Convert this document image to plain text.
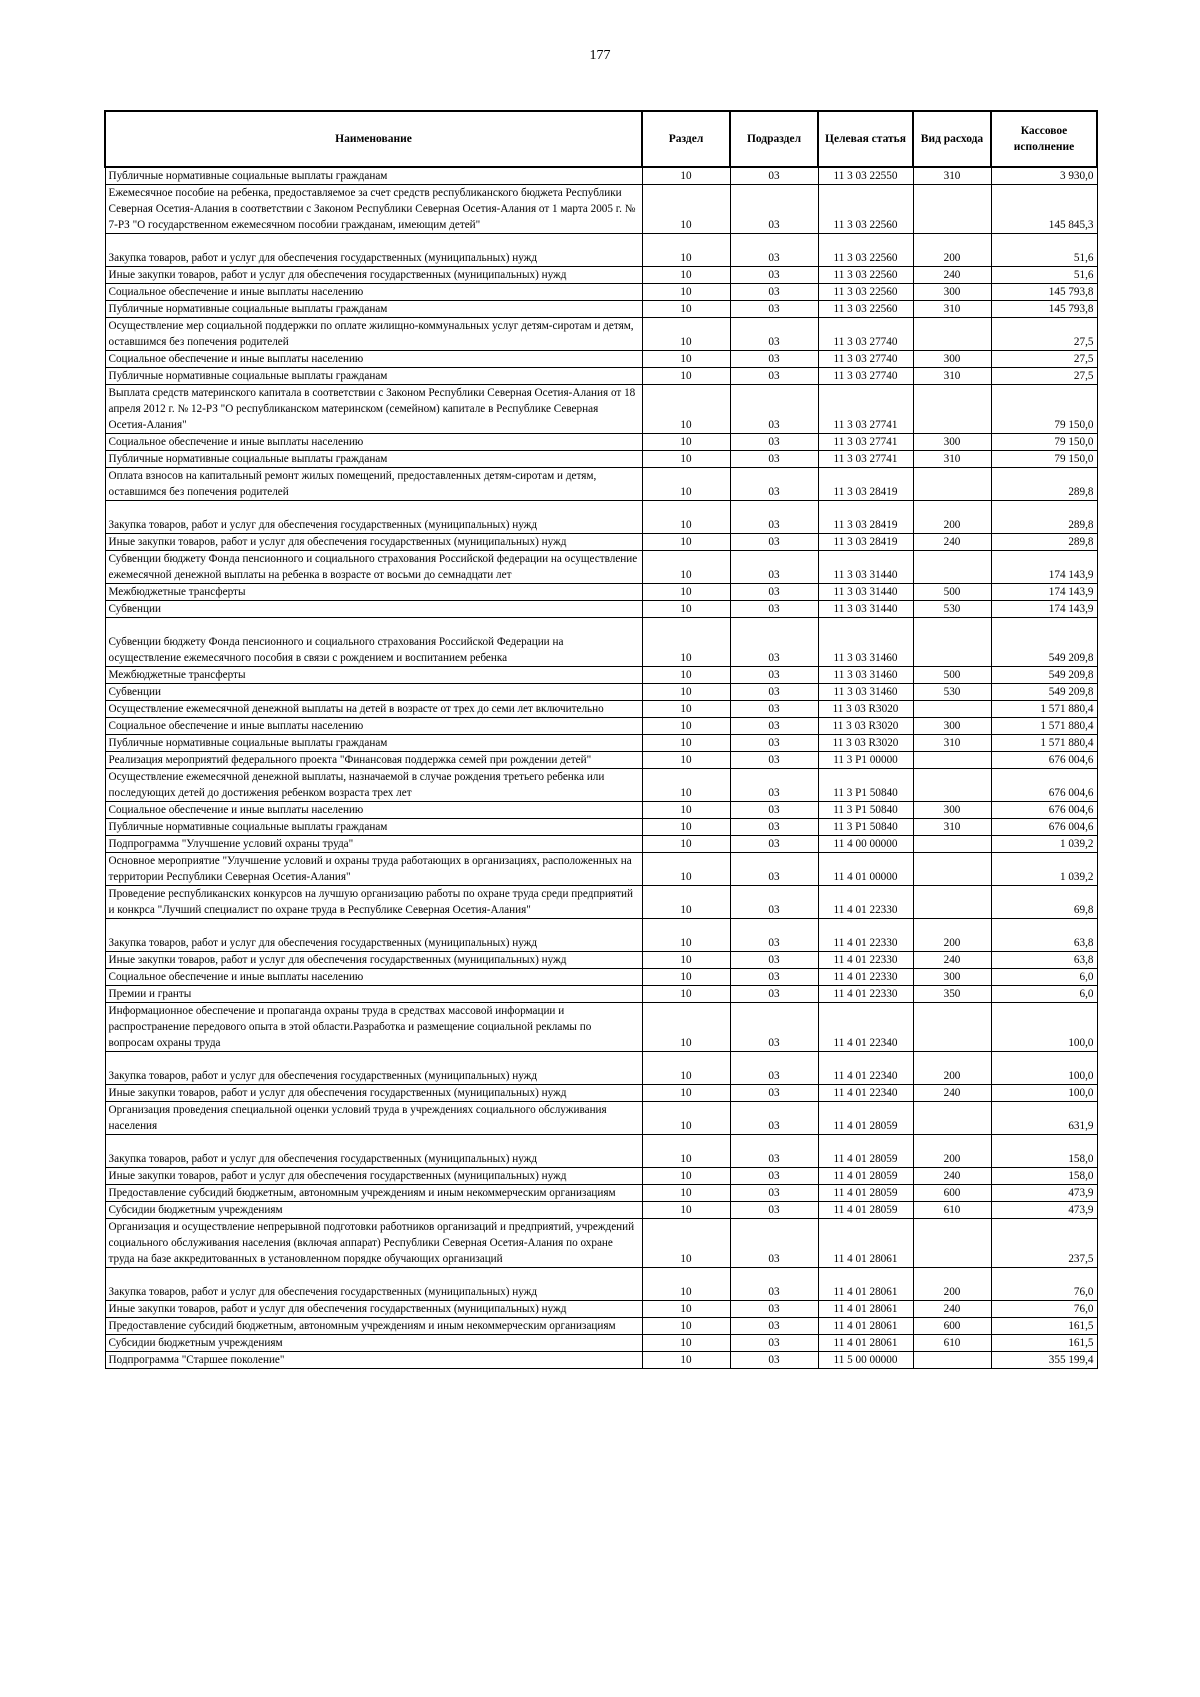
177
Наименование	Раздел	Подраздел	Целевая статья	Вид расхода	Кассовое исполнение
Публичные нормативные социальные выплаты гражданам	10	03	11 3 03 22550	310	3 930,0
Ежемесячное пособие на ребенка, предоставляемое за счет средств республиканского бюджета Республики Северная Осетия-Алания в соответствии с Законом Республики Северная Осетия-Алания от 1 марта 2005 г. № 7-РЗ "О государственном ежемесячном пособии гражданам, имеющим детей"	10	03	11 3 03 22560		145 845,3
Закупка товаров, работ и услуг для обеспечения государственных (муниципальных) нужд	10	03	11 3 03 22560	200	51,6
Иные закупки товаров, работ и услуг для обеспечения государственных (муниципальных) нужд	10	03	11 3 03 22560	240	51,6
Социальное обеспечение и иные выплаты населению	10	03	11 3 03 22560	300	145 793,8
Публичные нормативные социальные выплаты гражданам	10	03	11 3 03 22560	310	145 793,8
Осуществление мер социальной поддержки по оплате жилищно-коммунальных услуг детям-сиротам и детям, оставшимся без попечения родителей	10	03	11 3 03 27740		27,5
Социальное обеспечение и иные выплаты населению	10	03	11 3 03 27740	300	27,5
Публичные нормативные социальные выплаты гражданам	10	03	11 3 03 27740	310	27,5
Выплата средств материнского капитала в соответствии с Законом Республики Северная Осетия-Алания от 18 апреля 2012 г. № 12-РЗ "О республиканском материнском (семейном) капитале в Республике Северная Осетия-Алания"	10	03	11 3 03 27741		79 150,0
Социальное обеспечение и иные выплаты населению	10	03	11 3 03 27741	300	79 150,0
Публичные нормативные социальные выплаты гражданам	10	03	11 3 03 27741	310	79 150,0
Оплата взносов на капитальный ремонт жилых помещений, предоставленных детям-сиротам и детям, оставшимся без попечения родителей	10	03	11 3 03 28419		289,8
Закупка товаров, работ и услуг для обеспечения государственных (муниципальных) нужд	10	03	11 3 03 28419	200	289,8
Иные закупки товаров, работ и услуг для обеспечения государственных (муниципальных) нужд	10	03	11 3 03 28419	240	289,8
Субвенции бюджету Фонда пенсионного и социального страхования Российской федерации на осуществление ежемесячной денежной выплаты на ребенка в возрасте от восьми до семнадцати лет	10	03	11 3 03 31440		174 143,9
Межбюджетные трансферты	10	03	11 3 03 31440	500	174 143,9
Субвенции	10	03	11 3 03 31440	530	174 143,9
Субвенции бюджету Фонда пенсионного и социального страхования Российской Федерации на осуществление ежемесячного пособия в связи с рождением и воспитанием ребенка	10	03	11 3 03 31460		549 209,8
Межбюджетные трансферты	10	03	11 3 03 31460	500	549 209,8
Субвенции	10	03	11 3 03 31460	530	549 209,8
Осуществление ежемесячной денежной выплаты на детей в возрасте от трех до семи лет включительно	10	03	11 3 03 R3020		1 571 880,4
Социальное обеспечение и иные выплаты населению	10	03	11 3 03 R3020	300	1 571 880,4
Публичные нормативные социальные выплаты гражданам	10	03	11 3 03 R3020	310	1 571 880,4
Реализация мероприятий федерального проекта "Финансовая поддержка семей при рождении детей"	10	03	11 3 P1 00000		676 004,6
Осуществление ежемесячной денежной выплаты, назначаемой в случае рождения третьего ребенка или последующих детей до достижения ребенком возраста трех лет	10	03	11 3 P1 50840		676 004,6
Социальное обеспечение и иные выплаты населению	10	03	11 3 P1 50840	300	676 004,6
Публичные нормативные социальные выплаты гражданам	10	03	11 3 P1 50840	310	676 004,6
Подпрограмма "Улучшение условий охраны труда"	10	03	11 4 00 00000		1 039,2
Основное мероприятие "Улучшение условий и охраны труда работающих в организациях, расположенных на территории Республики Северная Осетия-Алания"	10	03	11 4 01 00000		1 039,2
Проведение республиканских конкурсов на лучшую организацию работы по охране труда среди предприятий и конкрса "Лучший специалист по охране труда в Республике Северная Осетия-Алания"	10	03	11 4 01 22330		69,8
Закупка товаров, работ и услуг для обеспечения государственных (муниципальных) нужд	10	03	11 4 01 22330	200	63,8
Иные закупки товаров, работ и услуг для обеспечения государственных (муниципальных) нужд	10	03	11 4 01 22330	240	63,8
Социальное обеспечение и иные выплаты населению	10	03	11 4 01 22330	300	6,0
Премии и гранты	10	03	11 4 01 22330	350	6,0
Информационное обеспечение и пропаганда охраны труда в средствах массовой информации и распространение передового опыта в этой области.Разработка и размещение социальной рекламы по вопросам охраны труда	10	03	11 4 01 22340		100,0
Закупка товаров, работ и услуг для обеспечения государственных (муниципальных) нужд	10	03	11 4 01 22340	200	100,0
Иные закупки товаров, работ и услуг для обеспечения государственных (муниципальных) нужд	10	03	11 4 01 22340	240	100,0
Организация проведения специальной оценки условий труда в учреждениях социального обслуживания населения	10	03	11 4 01 28059		631,9
Закупка товаров, работ и услуг для обеспечения государственных (муниципальных) нужд	10	03	11 4 01 28059	200	158,0
Иные закупки товаров, работ и услуг для обеспечения государственных (муниципальных) нужд	10	03	11 4 01 28059	240	158,0
Предоставление субсидий бюджетным, автономным учреждениям и иным некоммерческим организациям	10	03	11 4 01 28059	600	473,9
Субсидии бюджетным учреждениям	10	03	11 4 01 28059	610	473,9
Организация и осуществление непрерывной подготовки работников организаций и предприятий, учреждений социального обслуживания населения (включая аппарат) Республики Северная Осетия-Алания по охране труда на базе аккредитованных в установленном порядке обучающих организаций	10	03	11 4 01 28061		237,5
Закупка товаров, работ и услуг для обеспечения государственных (муниципальных) нужд	10	03	11 4 01 28061	200	76,0
Иные закупки товаров, работ и услуг для обеспечения государственных (муниципальных) нужд	10	03	11 4 01 28061	240	76,0
Предоставление субсидий бюджетным, автономным учреждениям и иным некоммерческим организациям	10	03	11 4 01 28061	600	161,5
Субсидии бюджетным учреждениям	10	03	11 4 01 28061	610	161,5
Подпрограмма "Старшее поколение"	10	03	11 5 00 00000		355 199,4
